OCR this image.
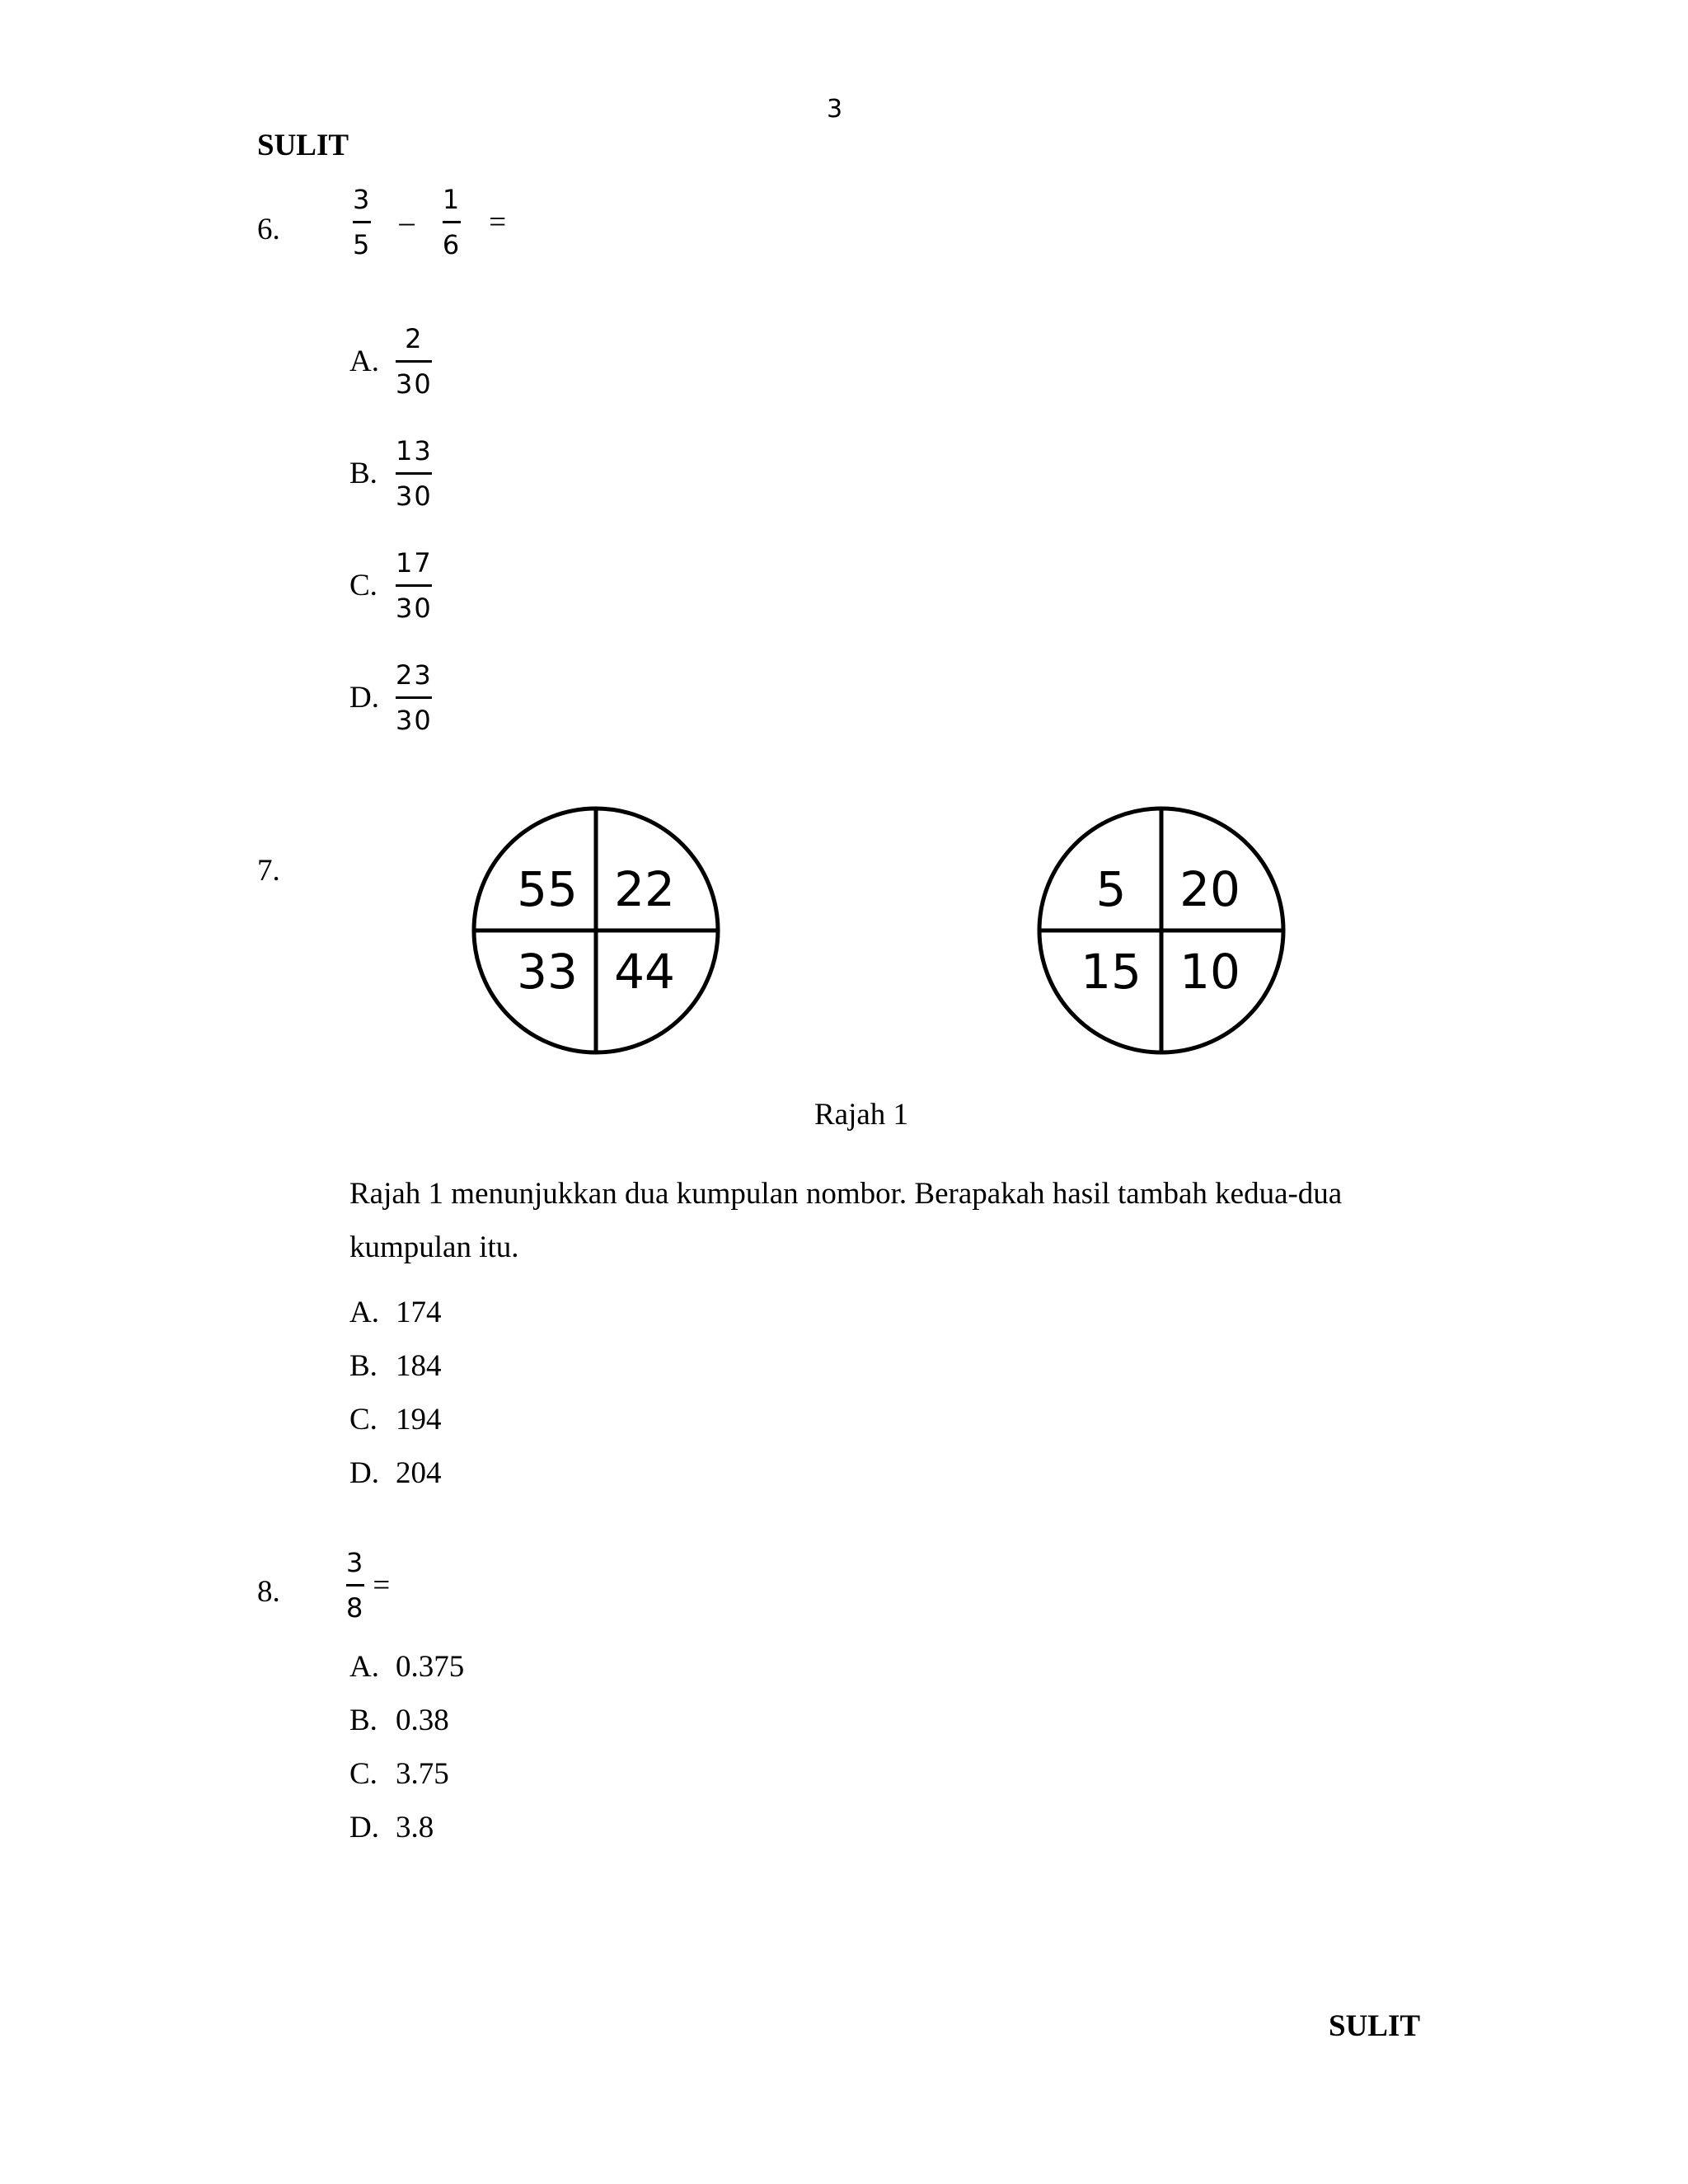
3
SULIT
6.	$\frac{3}{5} - \frac{1}{6}$ =
A. $\frac{2}{30}$
B. $\frac{13}{30}$
C. $\frac{17}{30}$
D. $\frac{23}{30}$
7.	55 22
33 44
5	20
15 10
Rajah 1
Rajah 1 menunjukkan dua kumpulan nombor. Berapakah hasil tambah kedua-dua
kumpulan itu.
A. 174
B. 184
C. 194
D. 204
8.	$\frac{3}{8}$ =
A. 0.375
B. 0.38
C. 3.75
D. 3.8
SULIT
